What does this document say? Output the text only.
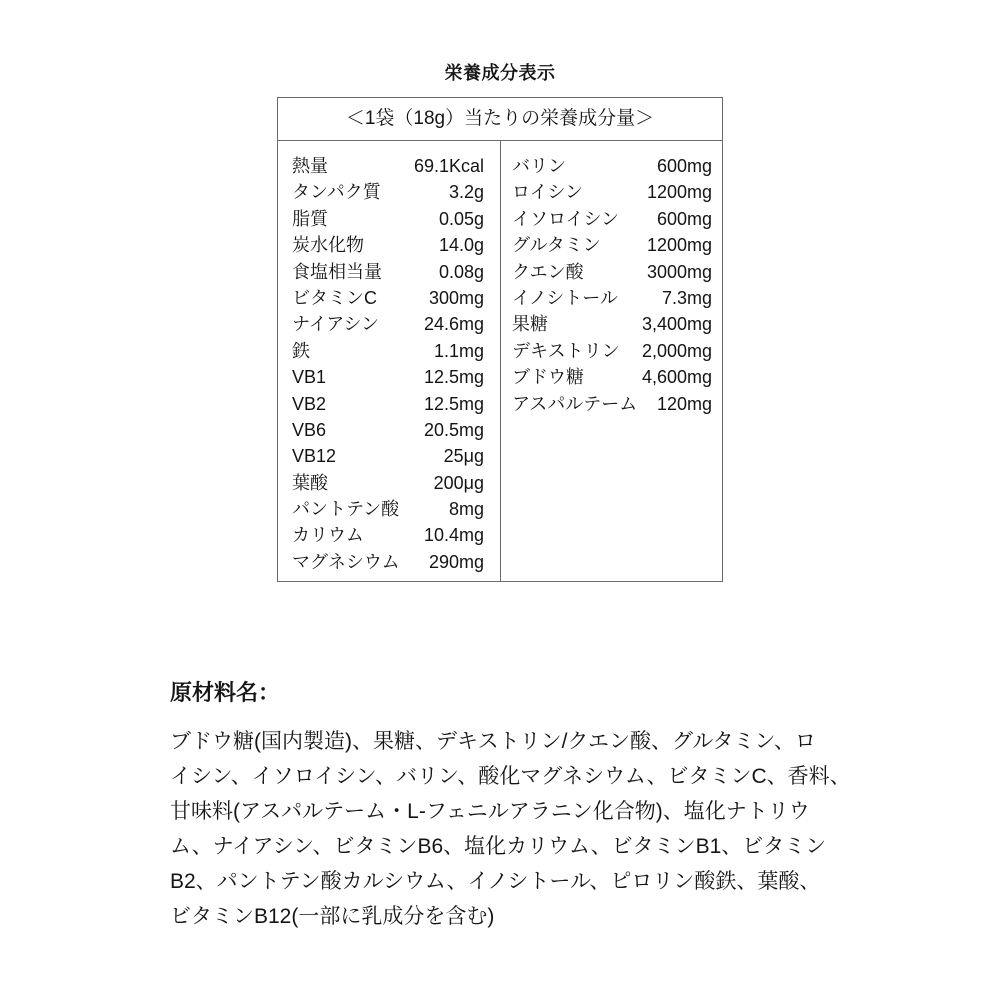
栄養成分表示
＜1袋（18g）当たりの栄養成分量＞
熱量	69.1Kcal
タンパク質	3.2g
脂質	0.05g
炭水化物	14.0g
食塩相当量	0.08g
ビタミンC	300mg
ナイアシン 24.6mg
鉄	1.1mg
VB1	12.5mg
VB2	12.5mg
VB6	20.5mg
VB12	25μg
葉酸	200μg
パントテン酸	8mg
カリウム	10.4mg
マグネシウム 290mg
バリン	600mg
ロイシン	1200mg
イソロイシン 600mg
グルタミン	1200mg
クエン酸	3000mg
イノシトール 7.3mg
果糖	3,400mg
デキストリン 2,000mg
ブドウ糖	4,600mg
アスパルテーム 120mg
原材料名：
ブドウ糖(国内製造)、果糖、デキストリン/クエン酸、グルタミン、ロ
イシン、イソロイシン、バリン、酸化マグネシウム、ビタミンC、香料、
甘味料(アスパルテーム・L-フェニルアラニン化合物)、塩化ナトリウ
ム、ナイアシン、ビタミンB6、塩化カリウム、ビタミンB1、ビタミン
B2、パントテン酸カルシウム、イノシトール、ピロリン酸鉄、葉酸、
ビタミンB12(一部に乳成分を含む)
